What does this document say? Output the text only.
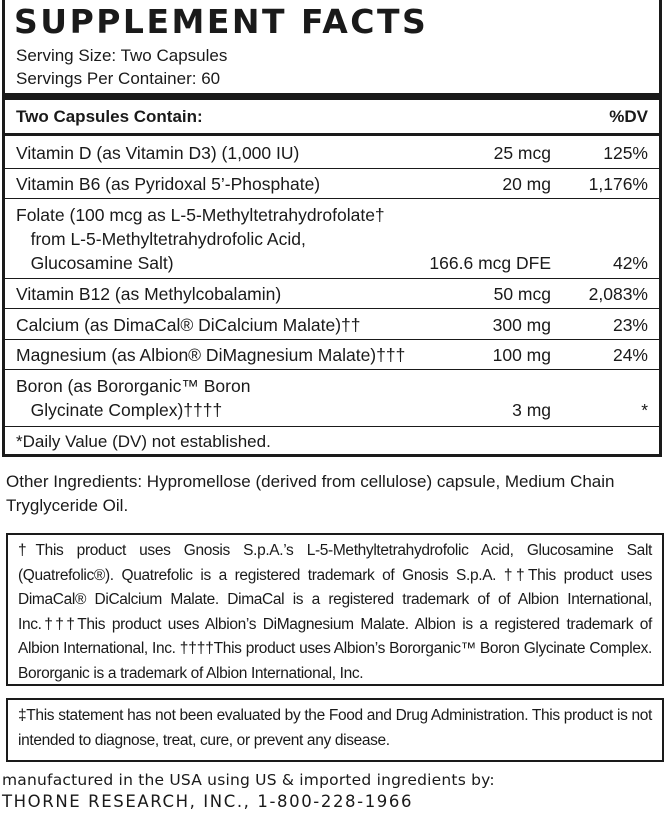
SUPPLEMENT FACTS
Serving Size: Two Capsules
Servings Per Container: 60
Two Capsules Contain:	%DV
Vitamin D (as Vitamin D3) (1,000 IU)	25 mcg	125%
Vitamin B6 (as Pyridoxal 5’-Phosphate)	20 mg 1,176%
Folate (100 mcg as L-5-Methyltetrahydrofolate†
from L-5-Methyltetrahydrofolic Acid,
Glucosamine Salt)	166.6 mcg DFE	42%
Vitamin B12 (as Methylcobalamin)	50 mcg 2,083%
Calcium (as DimaCal® DiCalcium Malate)††	300 mg	23%
Magnesium (as Albion® DiMagnesium Malate)†††	100 mg	24%
Boron (as Bororganic™ Boron
Glycinate Complex)††††	3 mg	*
*Daily Value (DV) not established.
Other Ingredients: Hypromellose (derived from cellulose) capsule, Medium Chain Tryglyceride Oil.
†This product uses Gnosis S.p.A.’s L-5-Methyltetrahydrofolic Acid, Glucosamine Salt (Quatrefolic®). Quatrefolic is a registered trademark of Gnosis S.p.A. ††This product uses DimaCal® DiCalcium Malate. DimaCal is a registered trademark of of Albion International, Inc.†††This product uses Albion’s DiMagnesium Malate. Albion is a registered trademark of Albion International, Inc. ††††This product uses Albion’s Bororganic™ Boron Glycinate Complex. Bororganic is a trademark of Albion International, Inc.
‡This statement has not been evaluated by the Food and Drug Administration. This product is not intended to diagnose, treat, cure, or prevent any disease.
manufactured in the USA using US & imported ingredients by:
THORNE RESEARCH, INC., 1-800-228-1966
